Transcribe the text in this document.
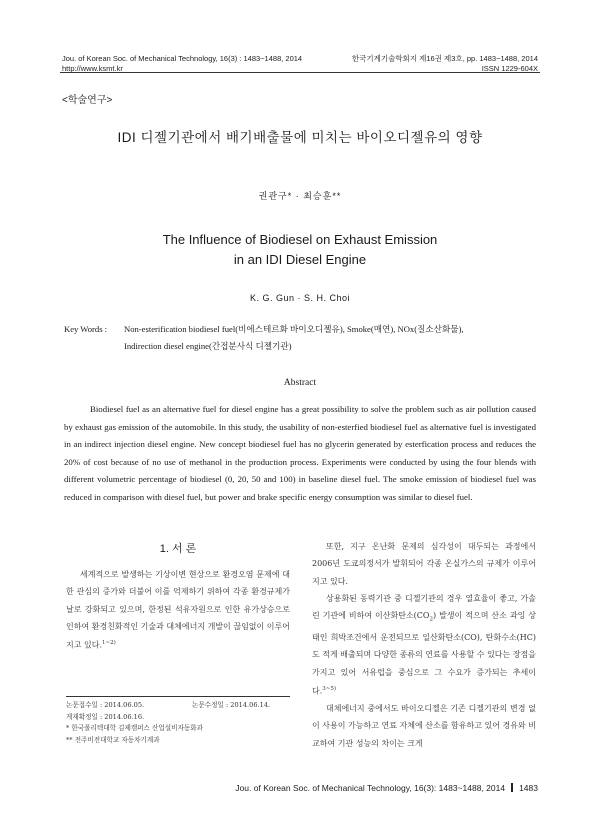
Jou. of Korean Soc. of Mechanical Technology, 16(3) : 1483~1488, 2014
http://www.ksmt.kr
한국기계기술학회지 제16권 제3호, pp. 1483~1488, 2014
ISSN 1229-604X
<학술연구>
IDI 디젤기관에서 배기배출물에 미치는 바이오디젤유의 영향
권관구* · 최승훈**
The Influence of Biodiesel on Exhaust Emission
in an IDI Diesel Engine
K. G. Gun · S. H. Choi
Key Words : Non-esterification biodiesel fuel(비에스테르화 바이오디젤유), Smoke(매연), NOx(질소산화물),
Indirection diesel engine(간접분사식 디젤기관)
Abstract

Biodiesel fuel as an alternative fuel for diesel engine has a great possibility to solve the problem such as air pollution caused by exhaust gas emission of the automobile. In this study, the usability of non-esterfied biodiesel fuel as alternative fuel is investigated in an indirect injection diesel engine. New concept biodiesel fuel has no glycerin generated by esterfication process and reduces the 20% of cost because of no use of methanol in the production process. Experiments were conducted by using the four blends with different volumetric percentage of biodiesel (0, 20, 50 and 100) in baseline diesel fuel. The smoke emission of biodiesel fuel was reduced in comparison with diesel fuel, but power and brake specific energy consumption was similar to diesel fuel.

1. 서 론

세계적으로 발생하는 기상이변 현상으로 환경오염 문제에 대한 관심의 증가와 더불어 이를 억제하기 위하여 각종 환경규제가 날로 강화되고 있으며, 한정된 석유자원으로 인한 유가상승으로 인하여 환경친화적인 기술과 대체에너지 개발이 끊임없이 이루어지고 있다.$^{1\sim 2)}$

논문접수일 : 2014.06.05.	논문수정일 : 2014.06.14.
게재확정일 : 2014.06.16.
* 한국폴리텍대학 김제캠퍼스 산업설비자동화과
** 전주비전대학교 자동차기계과

또한, 지구 온난화 문제의 심각성이 대두되는 과정에서 2006년 도쿄의정서가 발휘되어 각종 온실가스의 규제가 이루어지고 있다.

상용화된 동력기관 중 디젤기관의 경우 열효율이 좋고, 가솔린 기관에 비하여 이산화탄소$(CO_2)$ 발생이 적으며 산소 과잉 상태인 희박조건에서 운전되므로 일산화탄소(CO), 탄화수소(HC)도 적게 배출되며 다양한 종류의 연료를 사용할 수 있다는 장점을 가지고 있어 서유럽을 중심으로 그 수요가 증가되는 추세이다.$^{3\sim 5)}$

대체에너지 중에서도 바이오디젤은 기존 디젤기관의 변경 없이 사용이 가능하고 연료 자체에 산소를 함유하고 있어 경유와 비교하여 기관 성능의 차이는 크게

Jou. of Korean Soc. of Mechanical Technology, 16(3): 1483~1488, 2014 1483
